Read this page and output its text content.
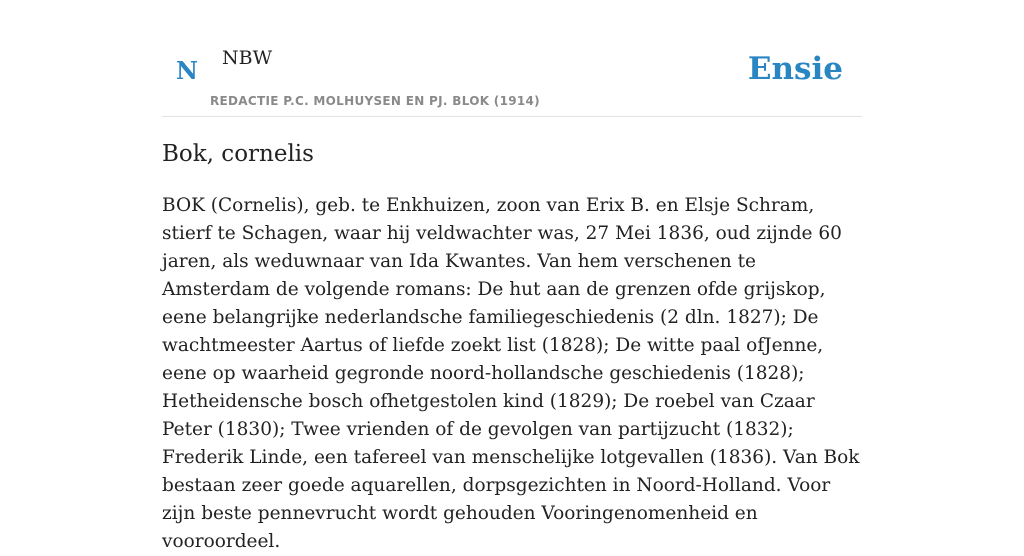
N NBW
REDACTIE P.C. MOLHUYSEN EN PJ. BLOK (1914)
Ensie
Bok, cornelis

BOK (Cornelis), geb. te Enkhuizen, zoon van Erix B. en Elsje Schram, stierf te Schagen, waar hij veldwachter was, 27 Mei 1836, oud zijnde 60 jaren, als weduwnaar van Ida Kwantes. Van hem verschenen te Amsterdam de volgende romans: De hut aan de grenzen ofde grijskop, eene belangrijke nederlandsche familiegeschiedenis (2 dln. 1827); De wachtmeester Aartus of liefde zoekt list (1828); De witte paal ofJenne, eene op waarheid gegronde noord-hollandsche geschiedenis (1828); Hetheidensche bosch ofhetgestolen kind (1829); De roebel van Czaar Peter (1830); Twee vrienden of de gevolgen van partijzucht (1832); Frederik Linde, een tafereel van menschelijke lotgevallen (1836). Van Bok bestaan zeer goede aquarellen, dorpsgezichten in Noord-Holland. Voor zijn beste pennevrucht wordt gehouden Vooringenomenheid en vooroordeel.
